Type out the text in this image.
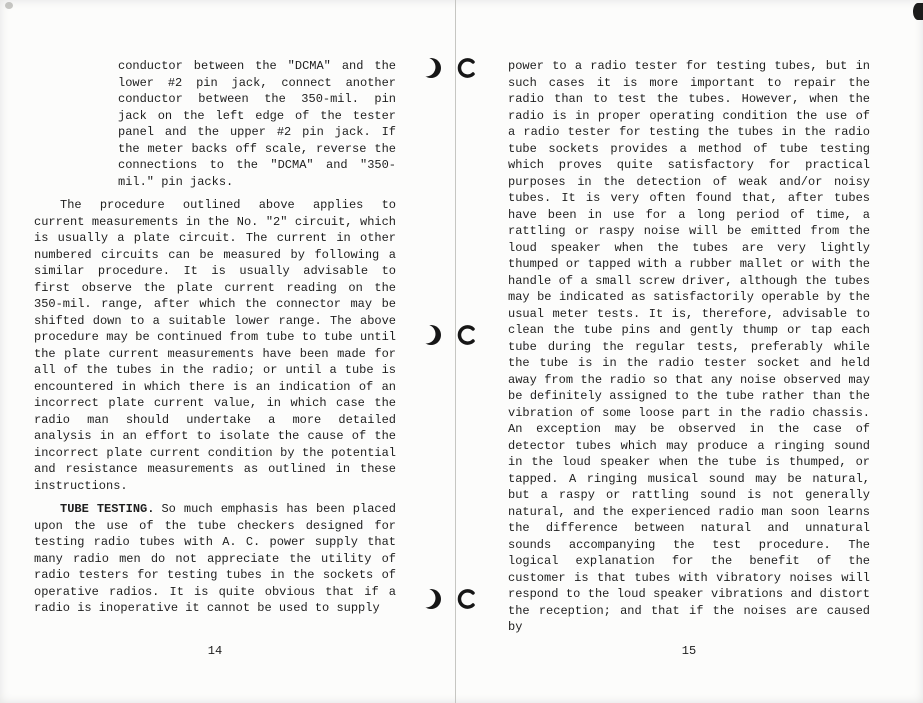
conductor between the "DCMA" and the lower #2 pin jack, connect another conductor between the 350-mil. pin jack on the left edge of the tester panel and the upper #2 pin jack. If the meter backs off scale, reverse the connections to the "DCMA" and "350-mil." pin jacks.

The procedure outlined above applies to current measurements in the No. "2" circuit, which is usually a plate circuit. The current in other numbered circuits can be measured by following a similar procedure. It is usually advisable to first observe the plate current reading on the 350-mil. range, after which the connector may be shifted down to a suitable lower range. The above procedure may be continued from tube to tube until the plate current measurements have been made for all of the tubes in the radio; or until a tube is encountered in which there is an indication of an incorrect plate current value, in which case the radio man should undertake a more detailed analysis in an effort to isolate the cause of the incorrect plate current condition by the potential and resistance measurements as outlined in these instructions.

TUBE TESTING. So much emphasis has been placed upon the use of the tube checkers designed for testing radio tubes with A. C. power supply that many radio men do not appreciate the utility of radio testers for testing tubes in the sockets of operative radios. It is quite obvious that if a radio is inoperative it cannot be used to supply

power to a radio tester for testing tubes, but in such cases it is more important to repair the radio than to test the tubes. However, when the radio is in proper operating condition the use of a radio tester for testing the tubes in the radio tube sockets provides a method of tube testing which proves quite satisfactory for practical purposes in the detection of weak and/or noisy tubes. It is very often found that, after tubes have been in use for a long period of time, a rattling or raspy noise will be emitted from the loud speaker when the tubes are very lightly thumped or tapped with a rubber mallet or with the handle of a small screw driver, although the tubes may be indicated as satisfactorily operable by the usual meter tests. It is, therefore, advisable to clean the tube pins and gently thump or tap each tube during the regular tests, preferably while the tube is in the radio tester socket and held away from the radio so that any noise observed may be definitely assigned to the tube rather than the vibration of some loose part in the radio chassis. An exception may be observed in the case of detector tubes which may produce a ringing sound in the loud speaker when the tube is thumped, or tapped. A ringing musical sound may be natural, but a raspy or rattling sound is not generally natural, and the experienced radio man soon learns the difference between natural and unnatural sounds accompanying the test procedure. The logical explanation for the benefit of the customer is that tubes with vibratory noises will respond to the loud speaker vibrations and distort the reception; and that if the noises are caused by

14	15
